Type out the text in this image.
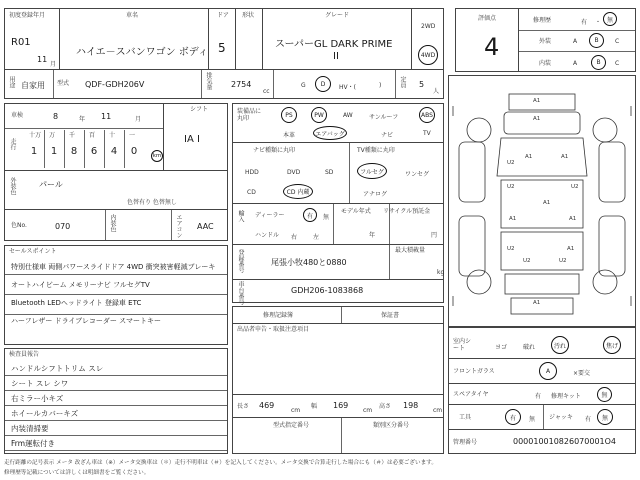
初度登録年月
R01
11
月
車名
ハイエ－スバンワゴン ボディ
ドア
5
形状	グレード
スーパーGL DARK PRIME
II
2WD
4WD
評価点
4
修理歴	有 ・ 無
外装	A	B	C
内装	A	B C
用途 自家用 型式 QDF-GDH206V	排気量 2754
cc
G	D HV・(	)	定員 5
人
車検	8	年 11	月
走行
km
十万 万 千 百 十 一
1	1	8	6	4	0
シフト
IA I
外装色	パール
色替有り 色替無し
色No.	070	内装色	エアコン AAC
セールスポイント
特別仕様車 両側パワースライドドア 4WD 衝突被害軽減ブレーキ
オートハイビーム メモリーナビ フルセグTV
Bluetooth LEDヘッドライト 登録車 ETC
ハーフレザー ドライブレコーダー スマートキー
装備品に丸印	PS	PW	AW	サンルーフ	ABS
本革	エアバッグ	ナビ	TV
ナビ種類に丸印
HDD	DVD	SD
CD	CD 内蔵
TV種類に丸印
フルセグ	ワンセグ
アナログ
輸入 ディーラー	有 無
ハンドル 右	左
モデル年式
年
リサイクル預託金
円
登録番号	尾張小牧480と0880
最大積載量
kg
車台番号	GDH206-1083868
検査員報告
ハンドルシフトトリム スレ
シート スレ シワ
右ミラー小キズ
ホイールカバーキズ
内装清掃要
Frm運転付き
修理記録簿	保証書
出品者申告・取扱注意項目
長さ 469
cm
幅 169
cm
高さ 198
cm
型式指定番号	類別区分番号
A1
A1
A1	A1
U2
U2	U2
A1
A1	A1
U2	A1
U2	U2
A1
室内シート	ヨゴ	破れ	汚れ	焦げ
フロントガラス	A	×要交
スペアタイヤ	有 修理キット	無
工具	有 無 ジャッキ 有 無
管理番号	000010010826070001O4
走行距離の記号表示 メータ 改ざん車は（※）メータ交換車は（＊）走行不明車は（＃）を記入してください。メータ交換で合算走行した場合にも（＃）は必要ございます。
修理歴等記載については詳しくは明細書をご覧ください。
